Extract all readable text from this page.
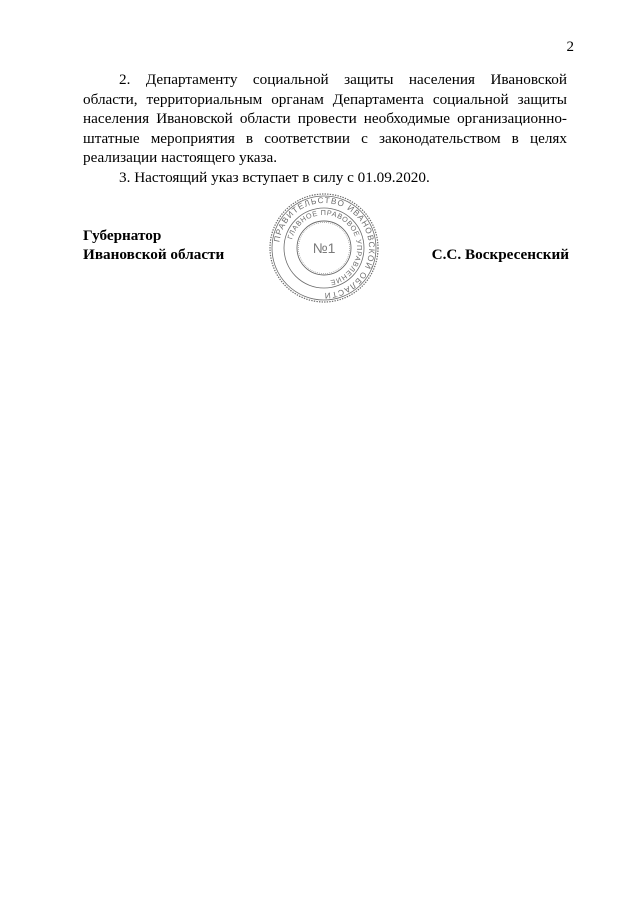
2

2. Департаменту социальной защиты населения Ивановской области, территориальным органам Департамента социальной защиты населения Ивановской области провести необходимые организационно-штатные мероприятия в соответствии с законодательством в целях реализации настоящего указа.

3. Настоящий указ вступает в силу с 01.09.2020.

Губернатор
Ивановской области	С.С. Воскресенский
ПРАВИТЕЛЬСТВО ИВАНОВСКОЙ ОБЛАСТИ
ГЛАВНОЕ ПРАВОВОЕ УПРАВЛЕНИЕ
№1
